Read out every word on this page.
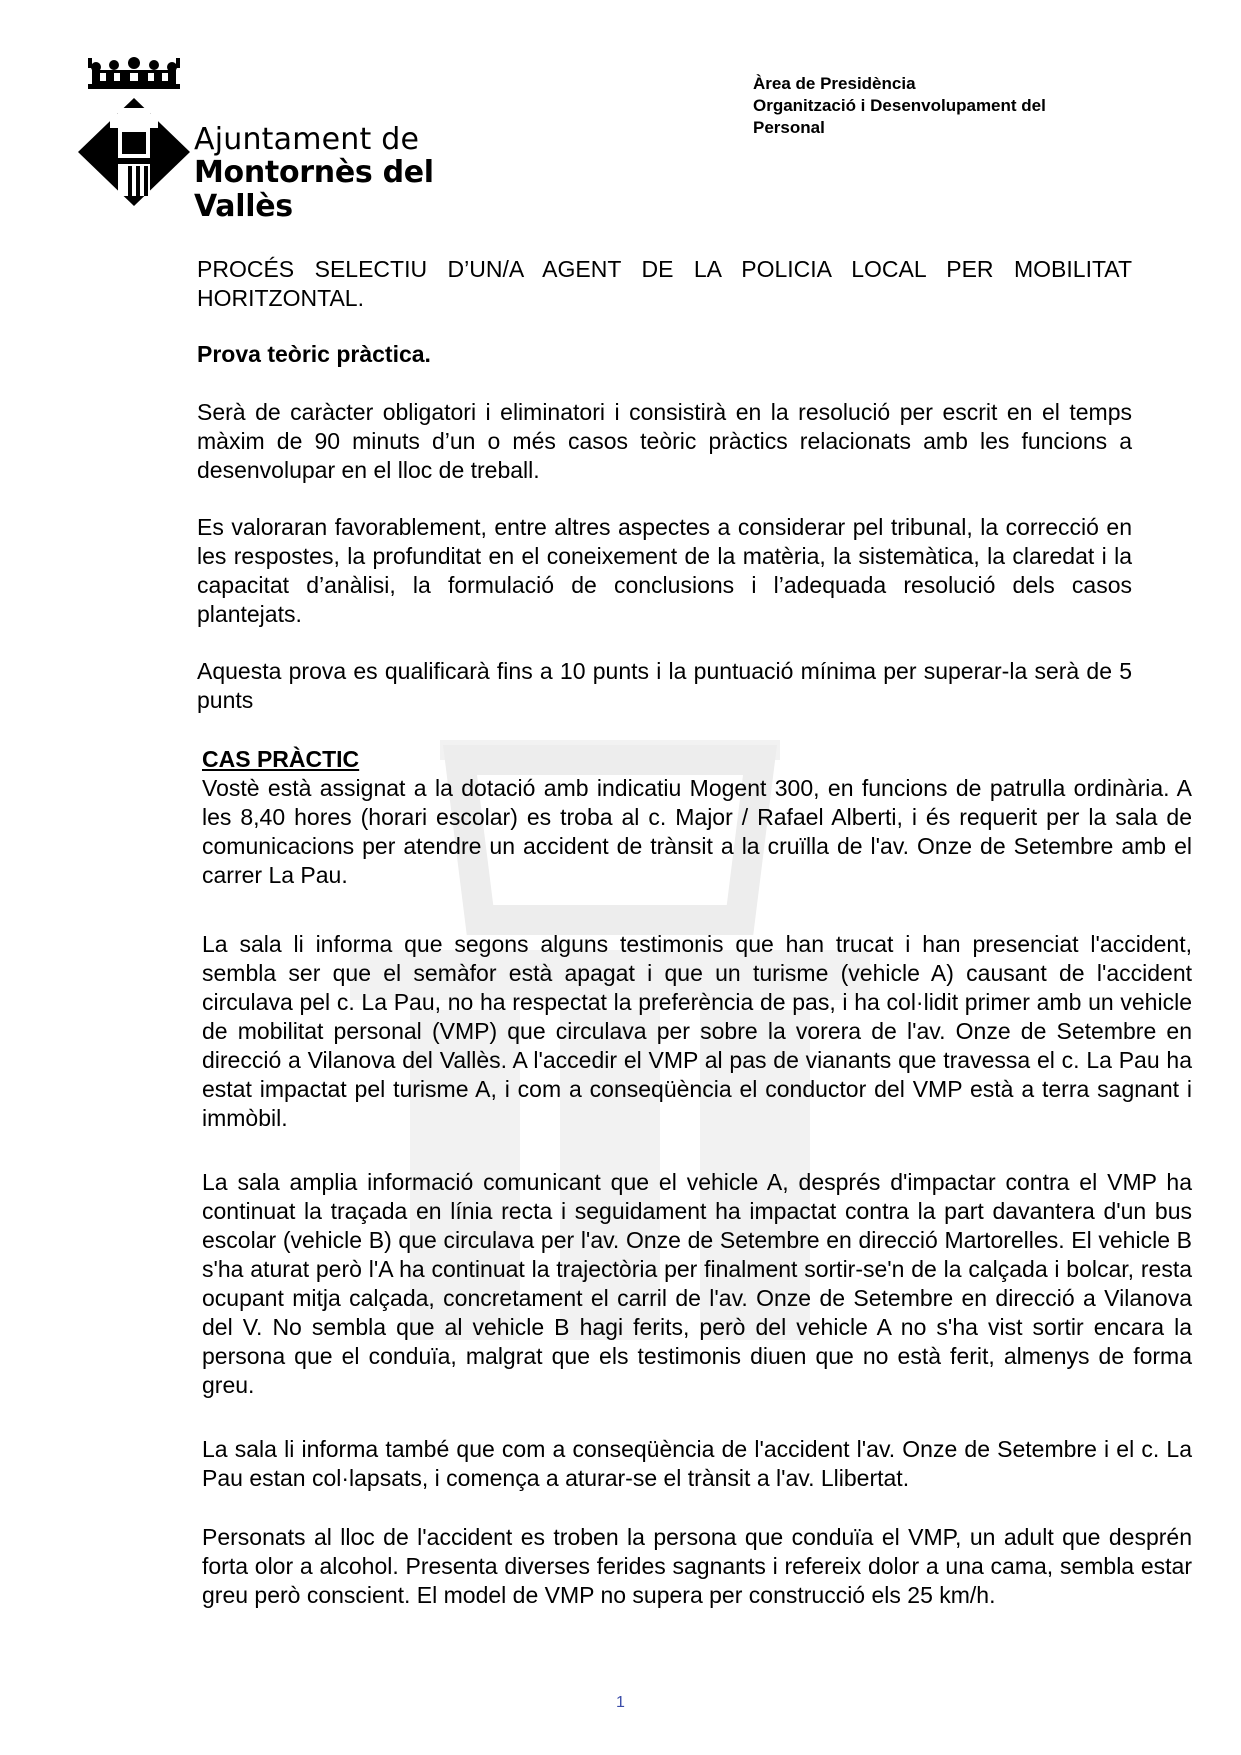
Ajuntament de
Montornès del Vallès
Àrea de Presidència
Organització i Desenvolupament del
Personal

PROCÉS SELECTIU D’UN/A AGENT DE LA POLICIA LOCAL PER MOBILITAT HORITZONTAL.

Prova teòric pràctica.

Serà de caràcter obligatori i eliminatori i consistirà en la resolució per escrit en el temps màxim de 90 minuts d’un o més casos teòric pràctics relacionats amb les funcions a desenvolupar en el lloc de treball.

Es valoraran favorablement, entre altres aspectes a considerar pel tribunal, la correcció en les respostes, la profunditat en el coneixement de la matèria, la sistemàtica, la claredat i la capacitat d’anàlisi, la formulació de conclusions i l’adequada resolució dels casos plantejats.

Aquesta prova es qualificarà fins a 10 punts i la puntuació mínima per superar-la serà de 5 punts

CAS PRÀCTIC

Vostè està assignat a la dotació amb indicatiu Mogent 300, en funcions de patrulla ordinària. A les 8,40 hores (horari escolar) es troba al c. Major / Rafael Alberti, i és requerit per la sala de comunicacions per atendre un accident de trànsit a la cruïlla de l'av. Onze de Setembre amb el carrer La Pau.

La sala li informa que segons alguns testimonis que han trucat i han presenciat l'accident, sembla ser que el semàfor està apagat i que un turisme (vehicle A) causant de l'accident circulava pel c. La Pau, no ha respectat la preferència de pas, i ha col·lidit primer amb un vehicle de mobilitat personal (VMP) que circulava per sobre la vorera de l'av. Onze de Setembre en direcció a Vilanova del Vallès. A l'accedir el VMP al pas de vianants que travessa el c. La Pau ha estat impactat pel turisme A, i com a conseqüència el conductor del VMP està a terra sagnant i immòbil.

La sala amplia informació comunicant que el vehicle A, després d'impactar contra el VMP ha continuat la traçada en línia recta i seguidament ha impactat contra la part davantera d'un bus escolar (vehicle B) que circulava per l'av. Onze de Setembre en direcció Martorelles. El vehicle B s'ha aturat però l'A ha continuat la trajectòria per finalment sortir-se'n de la calçada i bolcar, resta ocupant mitja calçada, concretament el carril de l'av. Onze de Setembre en direcció a Vilanova del V. No sembla que al vehicle B hagi ferits, però del vehicle A no s'ha vist sortir encara la persona que el conduïa, malgrat que els testimonis diuen que no està ferit, almenys de forma greu.

La sala li informa també que com a conseqüència de l'accident l'av. Onze de Setembre i el c. La Pau estan col·lapsats, i comença a aturar-se el trànsit a l'av. Llibertat.

Personats al lloc de l'accident es troben la persona que conduïa el VMP, un adult que desprén forta olor a alcohol. Presenta diverses ferides sagnants i refereix dolor a una cama, sembla estar greu però conscient. El model de VMP no supera per construcció els 25 km/h.

1
